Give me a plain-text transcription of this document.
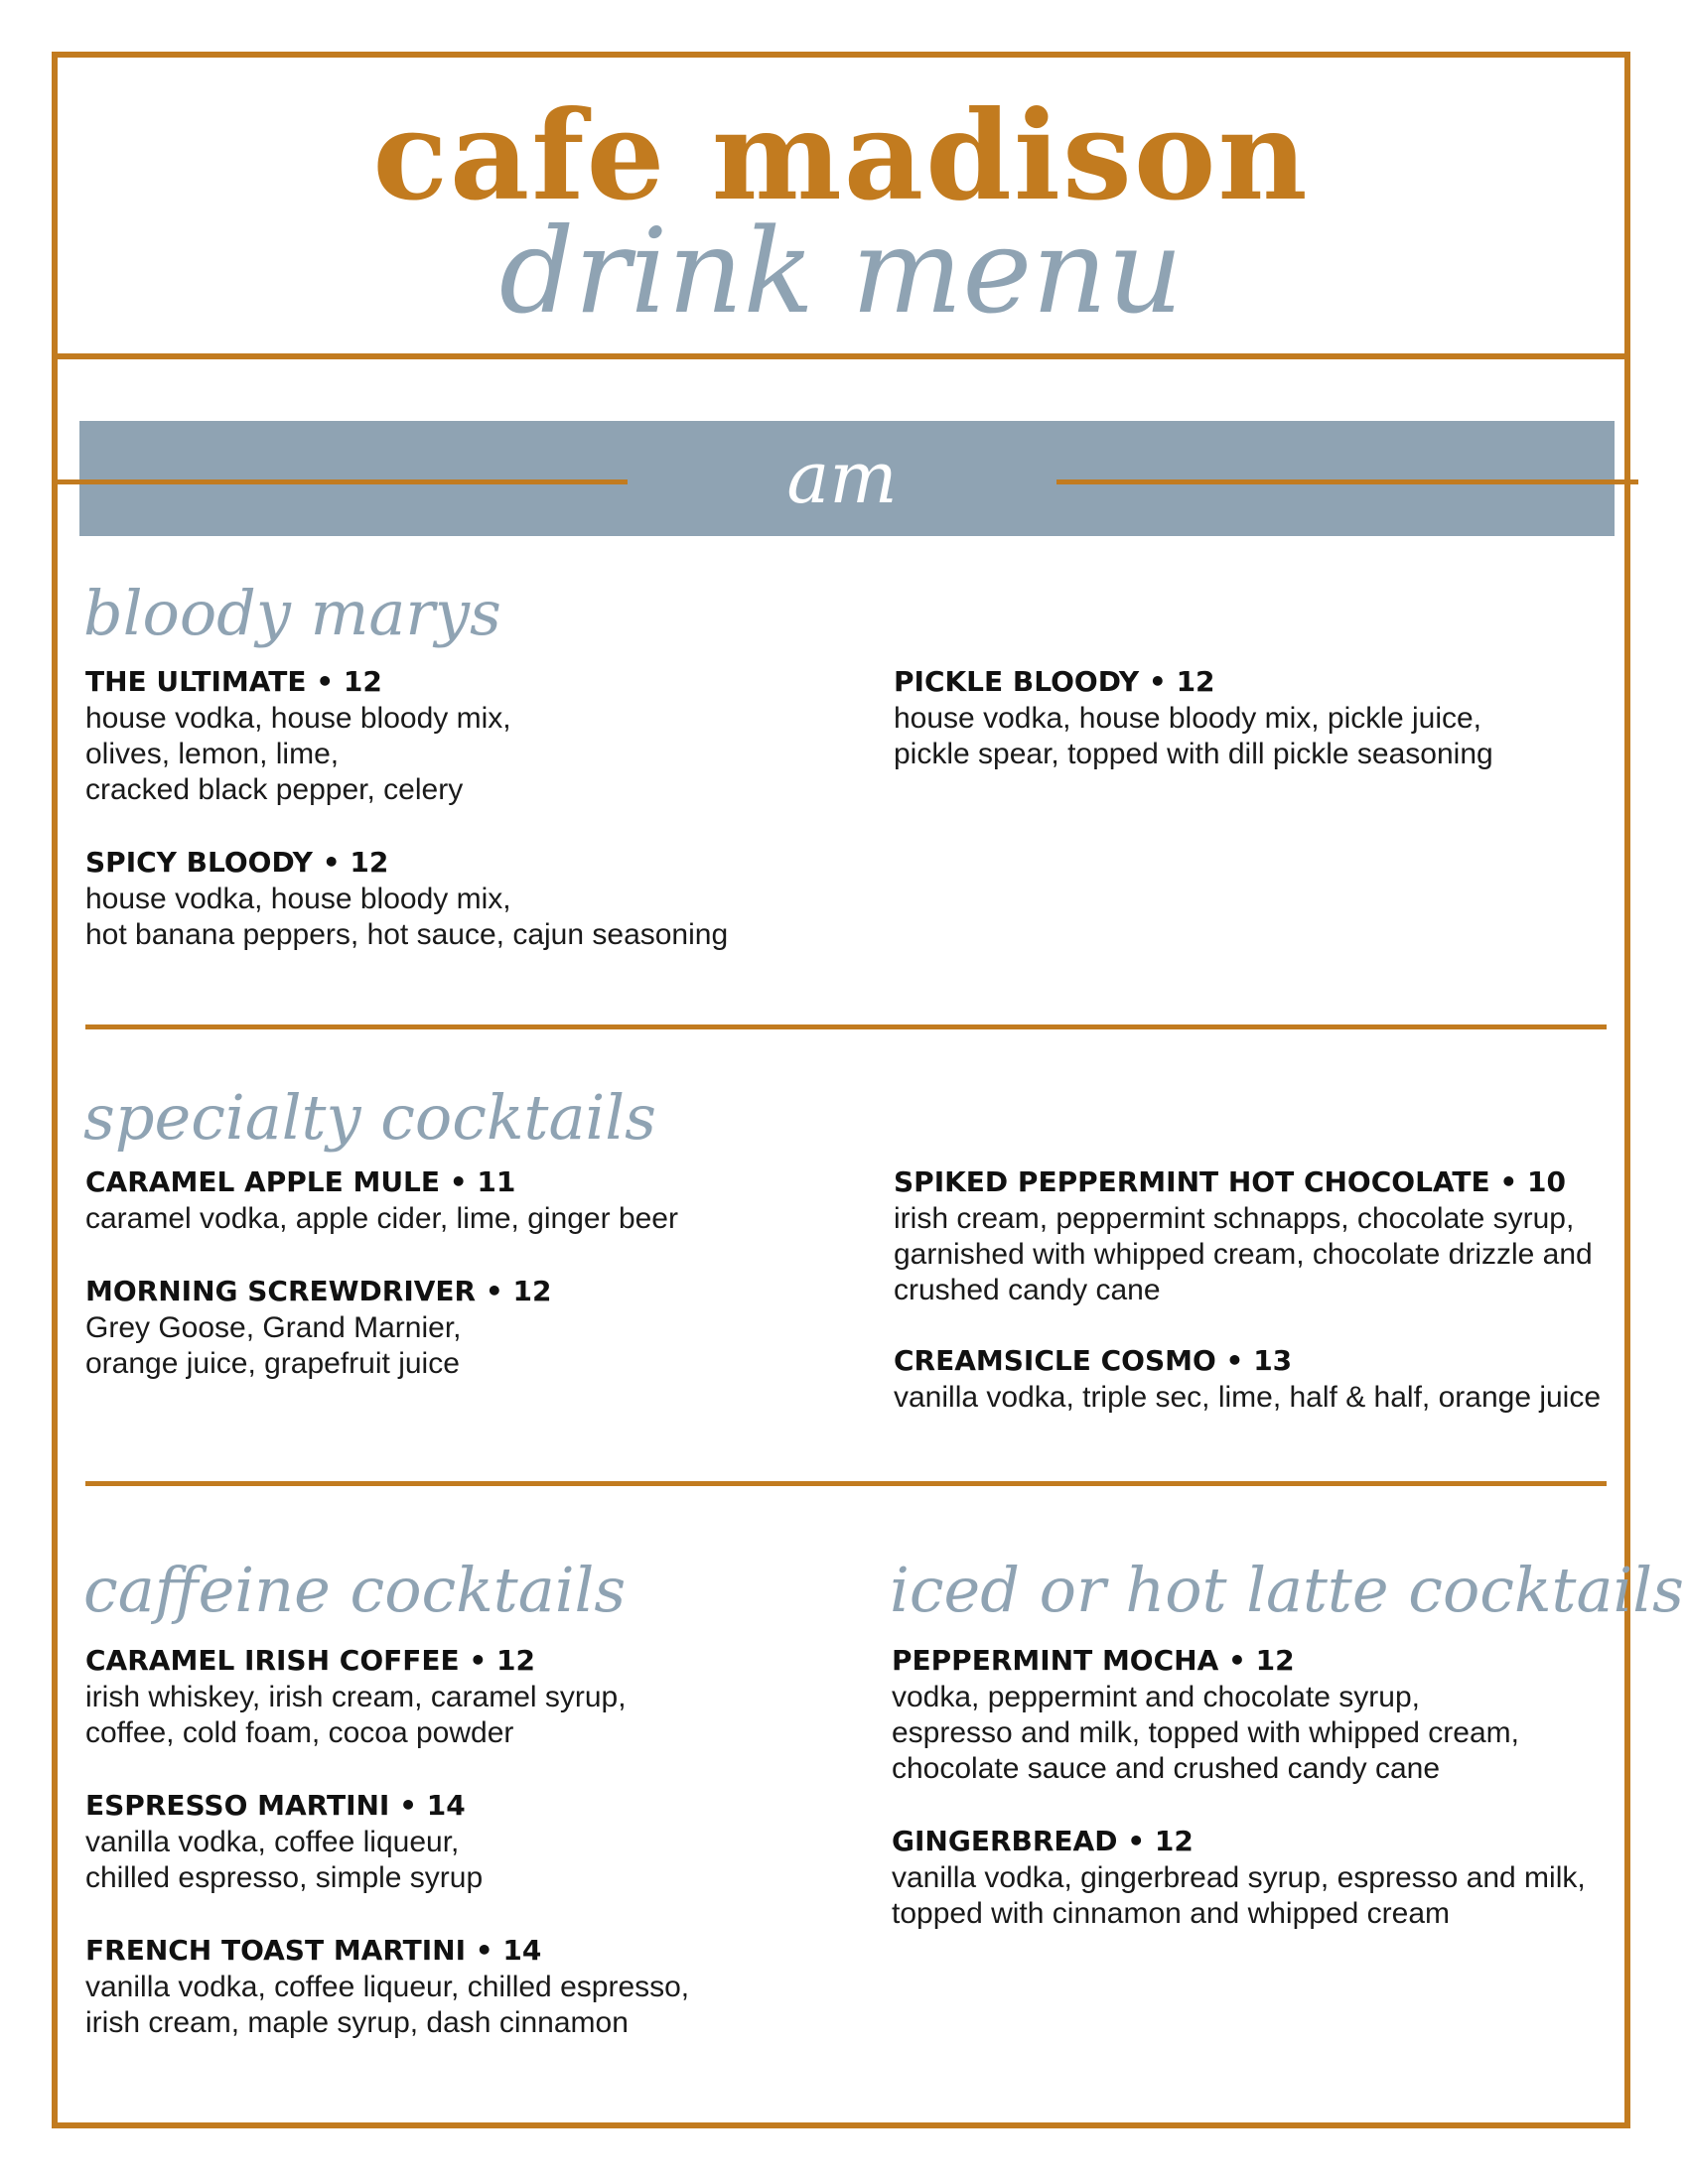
cafe madison
drink menu
am cocktails
bloody marys
THE ULTIMATE • 12
house vodka, house bloody mix,
olives, lemon, lime,
cracked black pepper, celery
SPICY BLOODY • 12
house vodka, house bloody mix,
hot banana peppers, hot sauce, cajun seasoning
PICKLE BLOODY • 12
house vodka, house bloody mix, pickle juice,
pickle spear, topped with dill pickle seasoning
specialty cocktails
CARAMEL APPLE MULE • 11
caramel vodka, apple cider, lime, ginger beer
MORNING SCREWDRIVER • 12
Grey Goose, Grand Marnier,
orange juice, grapefruit juice
SPIKED PEPPERMINT HOT CHOCOLATE • 10
irish cream, peppermint schnapps, chocolate syrup,
garnished with whipped cream, chocolate drizzle and
crushed candy cane
CREAMSICLE COSMO • 13
vanilla vodka, triple sec, lime, half & half, orange juice
caffeine cocktails
CARAMEL IRISH COFFEE • 12
irish whiskey, irish cream, caramel syrup,
coffee, cold foam, cocoa powder
ESPRESSO MARTINI • 14
vanilla vodka, coffee liqueur,
chilled espresso, simple syrup
FRENCH TOAST MARTINI • 14
vanilla vodka, coffee liqueur, chilled espresso,
irish cream, maple syrup, dash cinnamon
iced or hot latte cocktails
PEPPERMINT MOCHA • 12
vodka, peppermint and chocolate syrup,
espresso and milk, topped with whipped cream,
chocolate sauce and crushed candy cane
GINGERBREAD • 12
vanilla vodka, gingerbread syrup, espresso and milk,
topped with cinnamon and whipped cream
